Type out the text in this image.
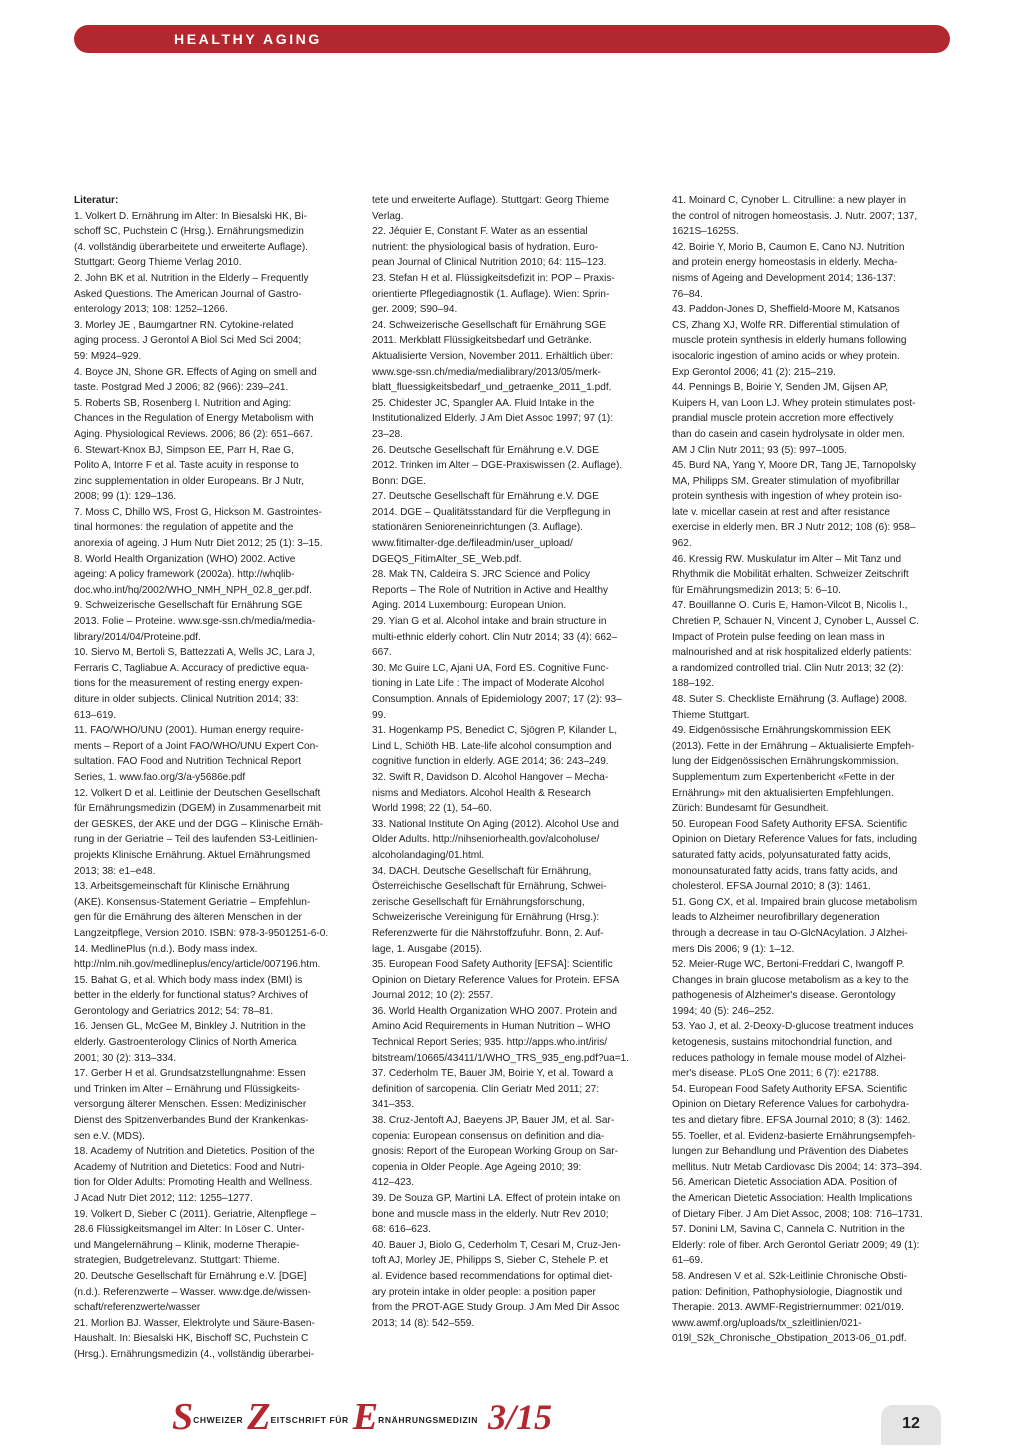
HEALTHY AGING
Literatur:
1. Volkert D. Ernährung im Alter: In Biesalski HK, Bi-
schoff SC, Puchstein C (Hrsg.). Ernährungsmedizin
(4. vollständig überarbeitete und erweiterte Auflage).
Stuttgart: Georg Thieme Verlag 2010.
2. John BK et al. Nutrition in the Elderly – Frequently
Asked Questions. The American Journal of Gastro-
enterology 2013; 108: 1252–1266.
3. Morley JE , Baumgartner RN. Cytokine-related
aging process. J Gerontol A Biol Sci Med Sci 2004;
59: M924–929.
4. Boyce JN, Shone GR. Effects of Aging on smell and
taste. Postgrad Med J 2006; 82 (966): 239–241.
5. Roberts SB, Rosenberg I. Nutrition and Aging:
Chances in the Regulation of Energy Metabolism with
Aging. Physiological Reviews. 2006; 86 (2): 651–667.
6. Stewart-Knox BJ, Simpson EE, Parr H, Rae G,
Polito A, Intorre F et al. Taste acuity in response to
zinc supplementation in older Europeans. Br J Nutr,
2008; 99 (1): 129–136.
7. Moss C, Dhillo WS, Frost G, Hickson M. Gastrointes-
tinal hormones: the regulation of appetite and the
anorexia of ageing. J Hum Nutr Diet 2012; 25 (1): 3–15.
8. World Health Organization (WHO) 2002. Active
ageing: A policy framework (2002a). http://whqlib-
doc.who.int/hq/2002/WHO_NMH_NPH_02.8_ger.pdf.
9. Schweizerische Gesellschaft für Ernährung SGE
2013. Folie – Proteine. www.sge-ssn.ch/media/media-
library/2014/04/Proteine.pdf.
10. Siervo M, Bertoli S, Battezzati A, Wells JC, Lara J,
Ferraris C, Tagliabue A. Accuracy of predictive equa-
tions for the measurement of resting energy expen-
diture in older subjects. Clinical Nutrition 2014; 33:
613–619.
11. FAO/WHO/UNU (2001). Human energy require-
ments – Report of a Joint FAO/WHO/UNU Expert Con-
sultation. FAO Food and Nutrition Technical Report
Series, 1. www.fao.org/3/a-y5686e.pdf
12. Volkert D et al. Leitlinie der Deutschen Gesellschaft
für Ernährungsmedizin (DGEM) in Zusammenarbeit mit
der GESKES, der AKE und der DGG – Klinische Ernäh-
rung in der Geriatrie – Teil des laufenden S3-Leitlinien-
projekts Klinische Ernährung. Aktuel Ernährungsmed
2013; 38: e1–e48.
13. Arbeitsgemeinschaft für Klinische Ernährung
(AKE). Konsensus-Statement Geriatrie – Empfehlun-
gen für die Ernährung des älteren Menschen in der
Langzeitpflege, Version 2010. ISBN: 978-3-9501251-6-0.
14. MedlinePlus (n.d.). Body mass index.
http://nlm.nih.gov/medlineplus/ency/article/007196.htm.
15. Bahat G, et al. Which body mass index (BMI) is
better in the elderly for functional status? Archives of
Gerontology and Geriatrics 2012; 54: 78–81.
16. Jensen GL, McGee M, Binkley J. Nutrition in the
elderly. Gastroenterology Clinics of North America
2001; 30 (2): 313–334.
17. Gerber H et al. Grundsatzstellungnahme: Essen
und Trinken im Alter – Ernährung und Flüssigkeits-
versorgung älterer Menschen. Essen: Medizinischer
Dienst des Spitzenverbandes Bund der Krankenkas-
sen e.V. (MDS).
18. Academy of Nutrition and Dietetics. Position of the
Academy of Nutrition and Dietetics: Food and Nutri-
tion for Older Adults: Promoting Health and Wellness.
J Acad Nutr Diet 2012; 112: 1255–1277.
19. Volkert D, Sieber C (2011). Geriatrie, Altenpflege –
28.6 Flüssigkeitsmangel im Alter: In Löser C. Unter-
und Mangelernährung – Klinik, moderne Therapie-
strategien, Budgetrelevanz. Stuttgart: Thieme.
20. Deutsche Gesellschaft für Ernährung e.V. [DGE]
(n.d.). Referenzwerte – Wasser. www.dge.de/wissen-
schaft/referenzwerte/wasser
21. Morlion BJ. Wasser, Elektrolyte und Säure-Basen-
Haushalt. In: Biesalski HK, Bischoff SC, Puchstein C
(Hrsg.). Ernährungsmedizin (4., vollständig überarbei-
tete und erweiterte Auflage). Stuttgart: Georg Thieme
Verlag.
22. Jéquier E, Constant F. Water as an essential
nutrient: the physiological basis of hydration. Euro-
pean Journal of Clinical Nutrition 2010; 64: 115–123.
23. Stefan H et al. Flüssigkeitsdefizit in: POP – Praxis-
orientierte Pflegediagnostik (1. Auflage). Wien: Sprin-
ger. 2009; S90–94.
24. Schweizerische Gesellschaft für Ernährung SGE
2011. Merkblatt Flüssigkeitsbedarf und Getränke.
Aktualisierte Version, November 2011. Erhältlich über:
www.sge-ssn.ch/media/medialibrary/2013/05/merk-
blatt_fluessigkeitsbedarf_und_getraenke_2011_1.pdf.
25. Chidester JC, Spangler AA. Fluid Intake in the
Institutionalized Elderly. J Am Diet Assoc 1997; 97 (1):
23–28.
26. Deutsche Gesellschaft für Ernährung e.V. DGE
2012. Trinken im Alter – DGE-Praxiswissen (2. Auflage).
Bonn: DGE.
27. Deutsche Gesellschaft für Ernährung e.V. DGE
2014. DGE – Qualitätsstandard für die Verpflegung in
stationären Senioreneinrichtungen (3. Auflage).
www.fitimalter-dge.de/fileadmin/user_upload/
DGEQS_FitimAlter_SE_Web.pdf.
28. Mak TN, Caldeira S. JRC Science and Policy
Reports – The Role of Nutrition in Active and Healthy
Aging. 2014 Luxembourg: European Union.
29. Yian G et al. Alcohol intake and brain structure in
multi-ethnic elderly cohort. Clin Nutr 2014; 33 (4): 662–
667.
30. Mc Guire LC, Ajani UA, Ford ES. Cognitive Func-
tioning in Late Life : The impact of Moderate Alcohol
Consumption. Annals of Epidemiology 2007; 17 (2): 93–
99.
31. Hogenkamp PS, Benedict C, Sjögren P, Kilander L,
Lind L, Schiöth HB. Late-life alcohol consumption and
cognitive function in elderly. AGE 2014; 36: 243–249.
32. Swift R, Davidson D. Alcohol Hangover – Mecha-
nisms and Mediators. Alcohol Health & Research
World 1998; 22 (1), 54–60.
33. National Institute On Aging (2012). Alcohol Use and
Older Adults. http://nihseniorhealth.gov/alcoholuse/
alcoholandaging/01.html.
34. DACH. Deutsche Gesellschaft für Ernährung,
Österreichische Gesellschaft für Ernährung, Schwei-
zerische Gesellschaft für Ernährungsforschung,
Schweizerische Vereinigung für Ernährung (Hrsg.):
Referenzwerte für die Nährstoffzufuhr. Bonn, 2. Auf-
lage, 1. Ausgabe (2015).
35. European Food Safety Authority [EFSA]: Scientific
Opinion on Dietary Reference Values for Protein. EFSA
Journal 2012; 10 (2): 2557.
36. World Health Organization WHO 2007. Protein and
Amino Acid Requirements in Human Nutrition – WHO
Technical Report Series; 935. http://apps.who.int/iris/
bitstream/10665/43411/1/WHO_TRS_935_eng.pdf?ua=1.
37. Cederholm TE, Bauer JM, Boirie Y, et al. Toward a
definition of sarcopenia. Clin Geriatr Med 2011; 27:
341–353.
38. Cruz-Jentoft AJ, Baeyens JP, Bauer JM, et al. Sar-
copenia: European consensus on definition and dia-
gnosis: Report of the European Working Group on Sar-
copenia in Older People. Age Ageing 2010; 39:
412–423.
39. De Souza GP, Martini LA. Effect of protein intake on
bone and muscle mass in the elderly. Nutr Rev 2010;
68: 616–623.
40. Bauer J, Biolo G, Cederholm T, Cesari M, Cruz-Jen-
toft AJ, Morley JE, Philipps S, Sieber C, Stehele P. et
al. Evidence based recommendations for optimal diet-
ary protein intake in older people: a position paper
from the PROT-AGE Study Group. J Am Med Dir Assoc
2013; 14 (8): 542–559.
41. Moinard C, Cynober L. Citrulline: a new player in
the control of nitrogen homeostasis. J. Nutr. 2007; 137,
1621S–1625S.
42. Boirie Y, Morio B, Caumon E, Cano NJ. Nutrition
and protein energy homeostasis in elderly. Mecha-
nisms of Ageing and Development 2014; 136-137:
76–84.
43. Paddon-Jones D, Sheffield-Moore M, Katsanos
CS, Zhang XJ, Wolfe RR. Differential stimulation of
muscle protein synthesis in elderly humans following
isocaloric ingestion of amino acids or whey protein.
Exp Gerontol 2006; 41 (2): 215–219.
44. Pennings B, Boirie Y, Senden JM, Gijsen AP,
Kuipers H, van Loon LJ. Whey protein stimulates post-
prandial muscle protein accretion more effectively
than do casein and casein hydrolysate in older men.
AM J Clin Nutr 2011; 93 (5): 997–1005.
45. Burd NA, Yang Y, Moore DR, Tang JE, Tarnopolsky
MA, Philipps SM. Greater stimulation of myofibrillar
protein synthesis with ingestion of whey protein iso-
late v. micellar casein at rest and after resistance
exercise in elderly men. BR J Nutr 2012; 108 (6): 958–
962.
46. Kressig RW. Muskulatur im Alter – Mit Tanz und
Rhythmik die Mobilität erhalten. Schweizer Zeitschrift
für Ernährungsmedizin 2013; 5: 6–10.
47. Bouillanne O. Curis E, Hamon-Vilcot B, Nicolis I.,
Chretien P, Schauer N, Vincent J, Cynober L, Aussel C.
Impact of Protein pulse feeding on lean mass in
malnourished and at risk hospitalized elderly patients:
a randomized controlled trial. Clin Nutr 2013; 32 (2):
188–192.
48. Suter S. Checkliste Ernährung (3. Auflage) 2008.
Thieme Stuttgart.
49. Eidgenössische Ernährungskommission EEK
(2013). Fette in der Ernährung – Aktualisierte Empfeh-
lung der Eidgenössischen Ernährungskommission.
Supplementum zum Expertenbericht «Fette in der
Ernährung» mit den aktualisierten Empfehlungen.
Zürich: Bundesamt für Gesundheit.
50. European Food Safety Authority EFSA. Scientific
Opinion on Dietary Reference Values for fats, including
saturated fatty acids, polyunsaturated fatty acids,
monounsaturated fatty acids, trans fatty acids, and
cholesterol. EFSA Journal 2010; 8 (3): 1461.
51. Gong CX, et al. Impaired brain glucose metabolism
leads to Alzheimer neurofibrillary degeneration
through a decrease in tau O-GlcNAcylation. J Alzhei-
mers Dis 2006; 9 (1): 1–12.
52. Meier-Ruge WC, Bertoni-Freddari C, Iwangoff P.
Changes in brain glucose metabolism as a key to the
pathogenesis of Alzheimer's disease. Gerontology
1994; 40 (5): 246–252.
53. Yao J, et al. 2-Deoxy-D-glucose treatment induces
ketogenesis, sustains mitochondrial function, and
reduces pathology in female mouse model of Alzhei-
mer's disease. PLoS One 2011; 6 (7): e21788.
54. European Food Safety Authority EFSA. Scientific
Opinion on Dietary Reference Values for carbohydra-
tes and dietary fibre. EFSA Journal 2010; 8 (3): 1462.
55. Toeller, et al. Evidenz-basierte Ernährungsempfeh-
lungen zur Behandlung und Prävention des Diabetes
mellitus. Nutr Metab Cardiovasc Dis 2004; 14: 373–394.
56. American Dietetic Association ADA. Position of
the American Dietetic Association: Health Implications
of Dietary Fiber. J Am Diet Assoc, 2008; 108: 716–1731.
57. Donini LM, Savina C, Cannela C. Nutrition in the
Elderly: role of fiber. Arch Gerontol Geriatr 2009; 49 (1):
61–69.
58. Andresen V et al. S2k-Leitlinie Chronische Obsti-
pation: Definition, Pathophysiologie, Diagnostik und
Therapie. 2013. AWMF-Registriernummer: 021/019.
www.awmf.org/uploads/tx_szleitlinien/021-
019l_S2k_Chronische_Obstipation_2013-06_01.pdf.
$S^{CHWEIZER}$ $Z^{EITSCHRIFT FÜR}$ $E^{RNÄHRUNGSMEDIZIN}$ 3/15	12
